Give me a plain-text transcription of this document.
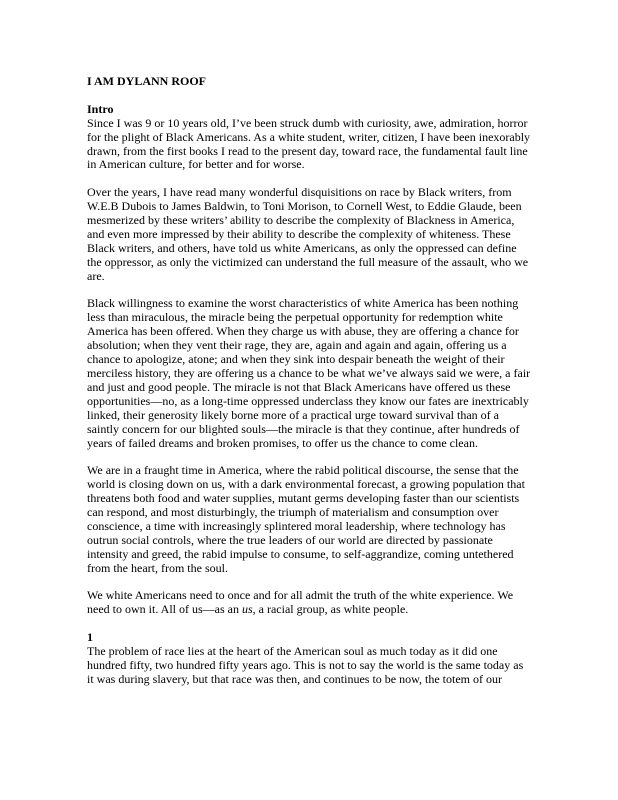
I AM DYLANN ROOF
Intro

Since I was 9 or 10 years old, I’ve been struck dumb with curiosity, awe, admiration, horror for the plight of Black Americans. As a white student, writer, citizen, I have been inexorably drawn, from the first books I read to the present day, toward race, the fundamental fault line in American culture, for better and for worse.

Over the years, I have read many wonderful disquisitions on race by Black writers, from W.E.B Dubois to James Baldwin, to Toni Morison, to Cornell West, to Eddie Glaude, been mesmerized by these writers’ ability to describe the complexity of Blackness in America, and even more impressed by their ability to describe the complexity of whiteness. These Black writers, and others, have told us white Americans, as only the oppressed can define the oppressor, as only the victimized can understand the full measure of the assault, who we are.

Black willingness to examine the worst characteristics of white America has been nothing less than miraculous, the miracle being the perpetual opportunity for redemption white America has been offered. When they charge us with abuse, they are offering a chance for absolution; when they vent their rage, they are, again and again and again, offering us a chance to apologize, atone; and when they sink into despair beneath the weight of their merciless history, they are offering us a chance to be what we’ve always said we were, a fair and just and good people. The miracle is not that Black Americans have offered us these opportunities—no, as a long-time oppressed underclass they know our fates are inextricably linked, their generosity likely borne more of a practical urge toward survival than of a saintly concern for our blighted souls—the miracle is that they continue, after hundreds of years of failed dreams and broken promises, to offer us the chance to come clean.

We are in a fraught time in America, where the rabid political discourse, the sense that the world is closing down on us, with a dark environmental forecast, a growing population that threatens both food and water supplies, mutant germs developing faster than our scientists can respond, and most disturbingly, the triumph of materialism and consumption over conscience, a time with increasingly splintered moral leadership, where technology has outrun social controls, where the true leaders of our world are directed by passionate intensity and greed, the rabid impulse to consume, to self-aggrandize, coming untethered from the heart, from the soul.

We white Americans need to once and for all admit the truth of the white experience. We need to own it. All of us—as an us, a racial group, as white people.

1

The problem of race lies at the heart of the American soul as much today as it did one hundred fifty, two hundred fifty years ago. This is not to say the world is the same today as it was during slavery, but that race was then, and continues to be now, the totem of our
